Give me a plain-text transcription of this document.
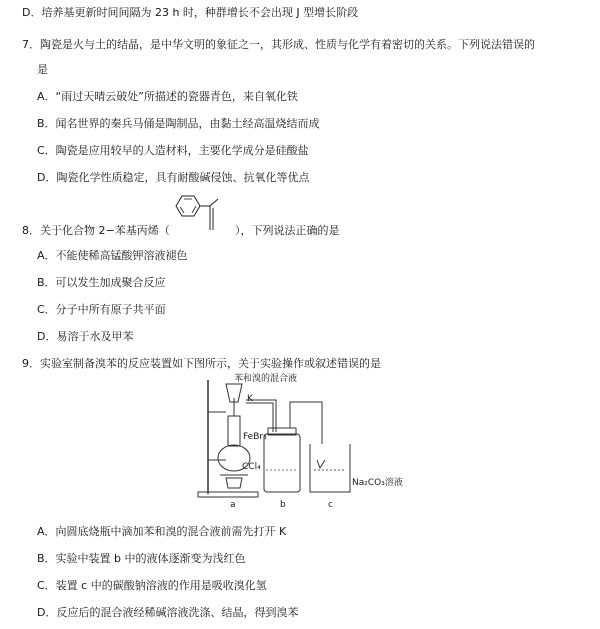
D．培养基更新时间间隔为 23 h 时，种群增长不会出现 J 型增长阶段
7．陶瓷是火与土的结晶，是中华文明的象征之一，其形成、性质与化学有着密切的关系。下列说法错误的
是
A．“雨过天晴云破处”所描述的瓷器青色，来自氧化铁
B．闻名世界的秦兵马俑是陶制品，由黏土经高温烧结而成
C．陶瓷是应用较早的人造材料，主要化学成分是硅酸盐
D．陶瓷化学性质稳定，具有耐酸碱侵蚀、抗氧化等优点
8．关于化合物 2−苯基丙烯（	），下列说法正确的是
A．不能使稀高锰酸钾溶液褪色
B．可以发生加成聚合反应
C．分子中所有原子共平面
D．易溶于水及甲苯
9．实验室制备溴苯的反应装置如下图所示，关于实验操作或叙述错误的是
苯和溴的混合液
K
FeBr₃
CCl₄
Na₂CO₃溶液
a	b	c
A．向圆底烧瓶中滴加苯和溴的混合液前需先打开 K
B．实验中装置 b 中的液体逐渐变为浅红色
C．装置 c 中的碳酸钠溶液的作用是吸收溴化氢
D．反应后的混合液经稀碱溶液洗涤、结晶，得到溴苯
